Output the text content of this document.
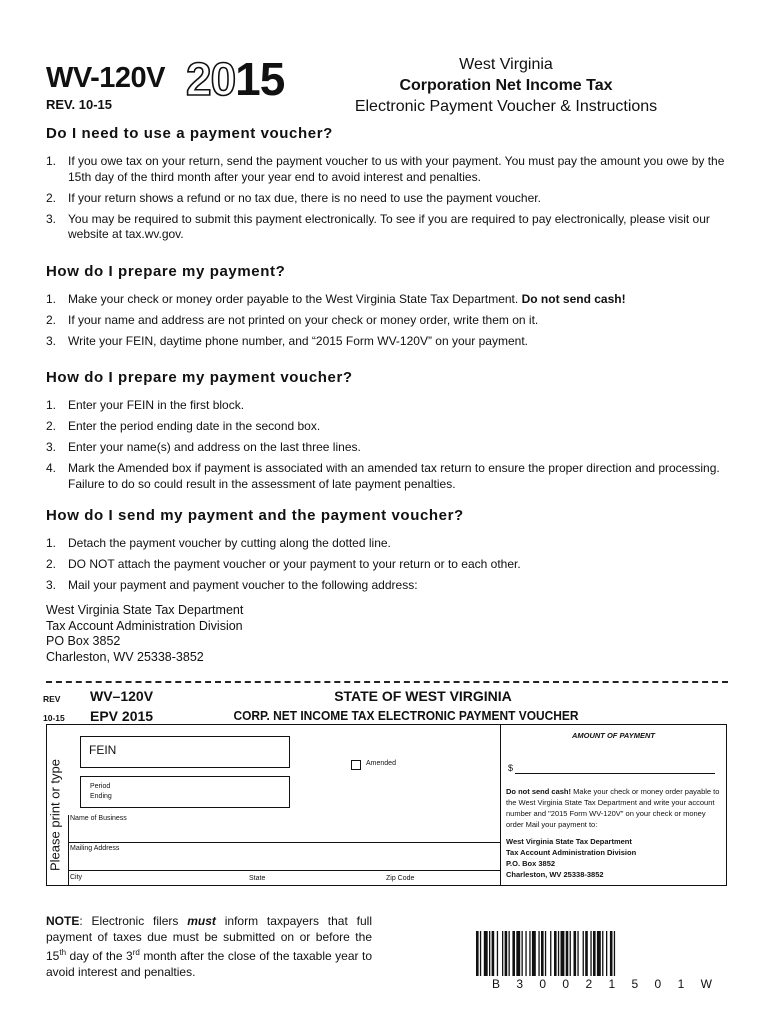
WV-120V
REV. 10-15 2015	West Virginia
Corporation Net Income Tax
Electronic Payment Voucher & Instructions
Do I need to use a payment voucher?
1. If you owe tax on your return, send the payment voucher to us with your payment. You must pay the amount you owe by the 15th day of the third month after your year end to avoid interest and penalties.
2. If your return shows a refund or no tax due, there is no need to use the payment voucher.
3. You may be required to submit this payment electronically. To see if you are required to pay electronically, please visit our website at tax.wv.gov.
How do I prepare my payment?
1. Make your check or money order payable to the West Virginia State Tax Department. Do not send cash!
2. If your name and address are not printed on your check or money order, write them on it.
3. Write your FEIN, daytime phone number, and “2015 Form WV-120V” on your payment.
How do I prepare my payment voucher?
1. Enter your FEIN in the first block.
2. Enter the period ending date in the second box.
3. Enter your name(s) and address on the last three lines.
4. Mark the Amended box if payment is associated with an amended tax return to ensure the proper direction and processing. Failure to do so could result in the assessment of late payment penalties.
How do I send my payment and the payment voucher?
1. Detach the payment voucher by cutting along the dotted line.
2. DO NOT attach the payment voucher or your payment to your return or to each other.
3. Mail your payment and payment voucher to the following address:
West Virginia State Tax Department
Tax Account Administration Division
PO Box 3852
Charleston, WV 25338-3852
REV
10-15
WV–120V
EPV 2015
STATE OF WEST VIRGINIA
CORP. NET INCOME TAX ELECTRONIC PAYMENT VOUCHER
Please print or type
FEIN
Period
Ending
Amended
Name of Business
Mailing Address
City	State	Zip Code
AMOUNT OF PAYMENT
$
Do not send cash! Make your check or money order payable to the West Virginia State Tax Department and write your account number and "2015 Form WV-120V" on your check or money order Mail your payment to:
West Virginia State Tax Department
Tax Account Administration Division
P.O. Box 3852
Charleston, WV 25338-3852
NOTE: Electronic filers must inform taxpayers that full payment of taxes due must be submitted on or before the 15th day of the 3rd month after the close of the taxable year to avoid interest and penalties.
B 3 0 0 2 1 5 0 1 W
